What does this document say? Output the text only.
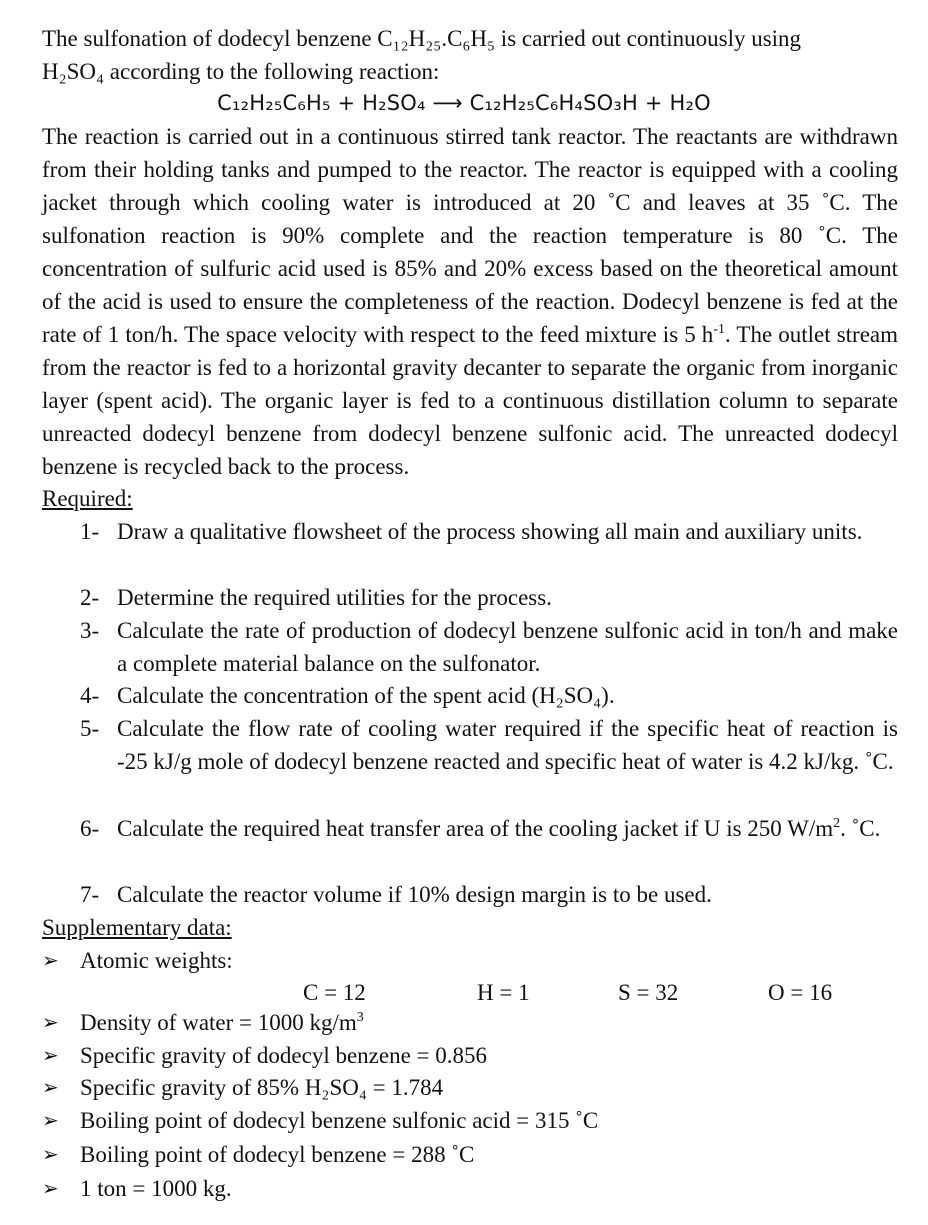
The sulfonation of dodecyl benzene C₁₂H₂₅.C₆H₅ is carried out continuously using
H₂SO₄ according to the following reaction:

C₁₂H₂₅C₆H₅ + H₂SO₄ ⟶ C₁₂H₂₅C₆H₄SO₃H + H₂O

The reaction is carried out in a continuous stirred tank reactor. The reactants are withdrawn from their holding tanks and pumped to the reactor. The reactor is equipped with a cooling jacket through which cooling water is introduced at 20 ˚C and leaves at 35 ˚C. The sulfonation reaction is 90% complete and the reaction temperature is 80 ˚C. The concentration of sulfuric acid used is 85% and 20% excess based on the theoretical amount of the acid is used to ensure the completeness of the reaction. Dodecyl benzene is fed at the rate of 1 ton/h. The space velocity with respect to the feed mixture is 5 $h^{-1}$. The outlet stream from the reactor is fed to a horizontal gravity decanter to separate the organic from inorganic layer (spent acid). The organic layer is fed to a continuous distillation column to separate unreacted dodecyl benzene from dodecyl benzene sulfonic acid. The unreacted dodecyl benzene is recycled back to the process.

Required:
1- Draw a qualitative flowsheet of the process showing all main and auxiliary units.
2- Determine the required utilities for the process.
3- Calculate the rate of production of dodecyl benzene sulfonic acid in ton/h and make a complete material balance on the sulfonator.
4- Calculate the concentration of the spent acid (H₂SO₄).
5- Calculate the flow rate of cooling water required if the specific heat of reaction is -25 kJ/g mole of dodecyl benzene reacted and specific heat of water is 4.2 kJ/kg. ˚C.
6- Calculate the required heat transfer area of the cooling jacket if U is 250 $W/m^2$. ˚C.
7- Calculate the reactor volume if 10% design margin is to be used.
Supplementary data:
➢ Atomic weights:
C = 12	H = 1	S = 32	O = 16
➢ Density of water = 1000 $kg/m^3$
➢ Specific gravity of dodecyl benzene = 0.856
➢ Specific gravity of 85% H₂SO₄ = 1.784
➢ Boiling point of dodecyl benzene sulfonic acid = 315 ˚C
➢ Boiling point of dodecyl benzene = 288 ˚C
➢ 1 ton = 1000 kg.
